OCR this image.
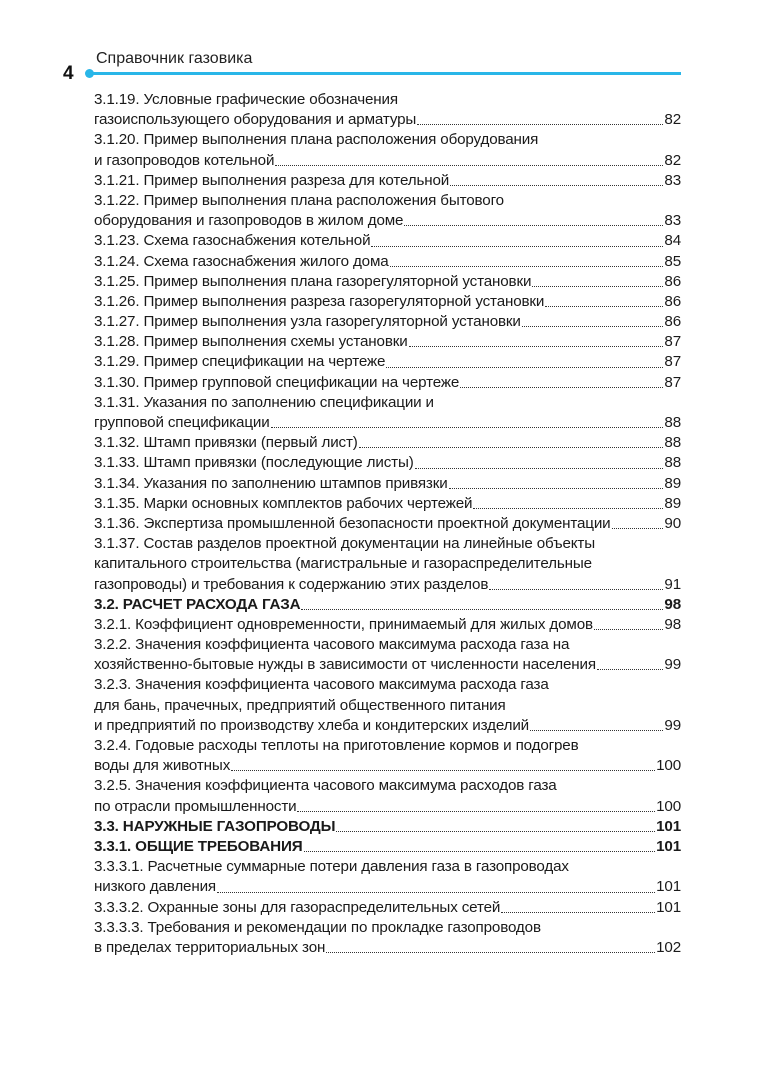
Справочник газовика
4
3.1.19. Условные графические обозначения
газоиспользующего оборудования и арматуры	82
3.1.20. Пример выполнения плана расположения оборудования
и газопроводов котельной	82
3.1.21. Пример выполнения разреза для котельной	83
3.1.22. Пример выполнения плана расположения бытового
оборудования и газопроводов в жилом доме	83
3.1.23. Схема газоснабжения котельной	84
3.1.24. Схема газоснабжения жилого дома	85
3.1.25. Пример выполнения плана газорегуляторной установки	86
3.1.26. Пример выполнения разреза газорегуляторной установки	86
3.1.27. Пример выполнения узла газорегуляторной установки	86
3.1.28. Пример выполнения схемы установки	87
3.1.29. Пример спецификации на чертеже	87
3.1.30. Пример групповой спецификации на чертеже	87
3.1.31. Указания по заполнению спецификации и
групповой спецификации	88
3.1.32. Штамп привязки (первый лист)	88
3.1.33. Штамп привязки (последующие листы)	88
3.1.34. Указания по заполнению штампов привязки	89
3.1.35. Марки основных комплектов рабочих чертежей	89
3.1.36. Экспертиза промышленной безопасности проектной документации	90
3.1.37. Состав разделов проектной документации на линейные объекты
капитального строительства (магистральные и газораспределительные
газопроводы) и требования к содержанию этих разделов	91
3.2. РАСЧЕТ РАСХОДА ГАЗА	98
3.2.1. Коэффициент одновременности, принимаемый для жилых домов	98
3.2.2. Значения коэффициента часового максимума расхода газа на
хозяйственно-бытовые нужды в зависимости от численности населения	99
3.2.3. Значения коэффициента часового максимума расхода газа
для бань, прачечных, предприятий общественного питания
и предприятий по производству хлеба и кондитерских изделий	99
3.2.4. Годовые расходы теплоты на приготовление кормов и подогрев
воды для животных	100
3.2.5. Значения коэффициента часового максимума расходов газа
по отрасли промышленности	100
3.3. НАРУЖНЫЕ ГАЗОПРОВОДЫ	101
3.3.1. ОБЩИЕ ТРЕБОВАНИЯ	101
3.3.3.1. Расчетные суммарные потери давления газа в газопроводах
низкого давления	101
3.3.3.2. Охранные зоны для газораспределительных сетей	101
3.3.3.3. Требования и рекомендации по прокладке газопроводов
в пределах территориальных зон	102
